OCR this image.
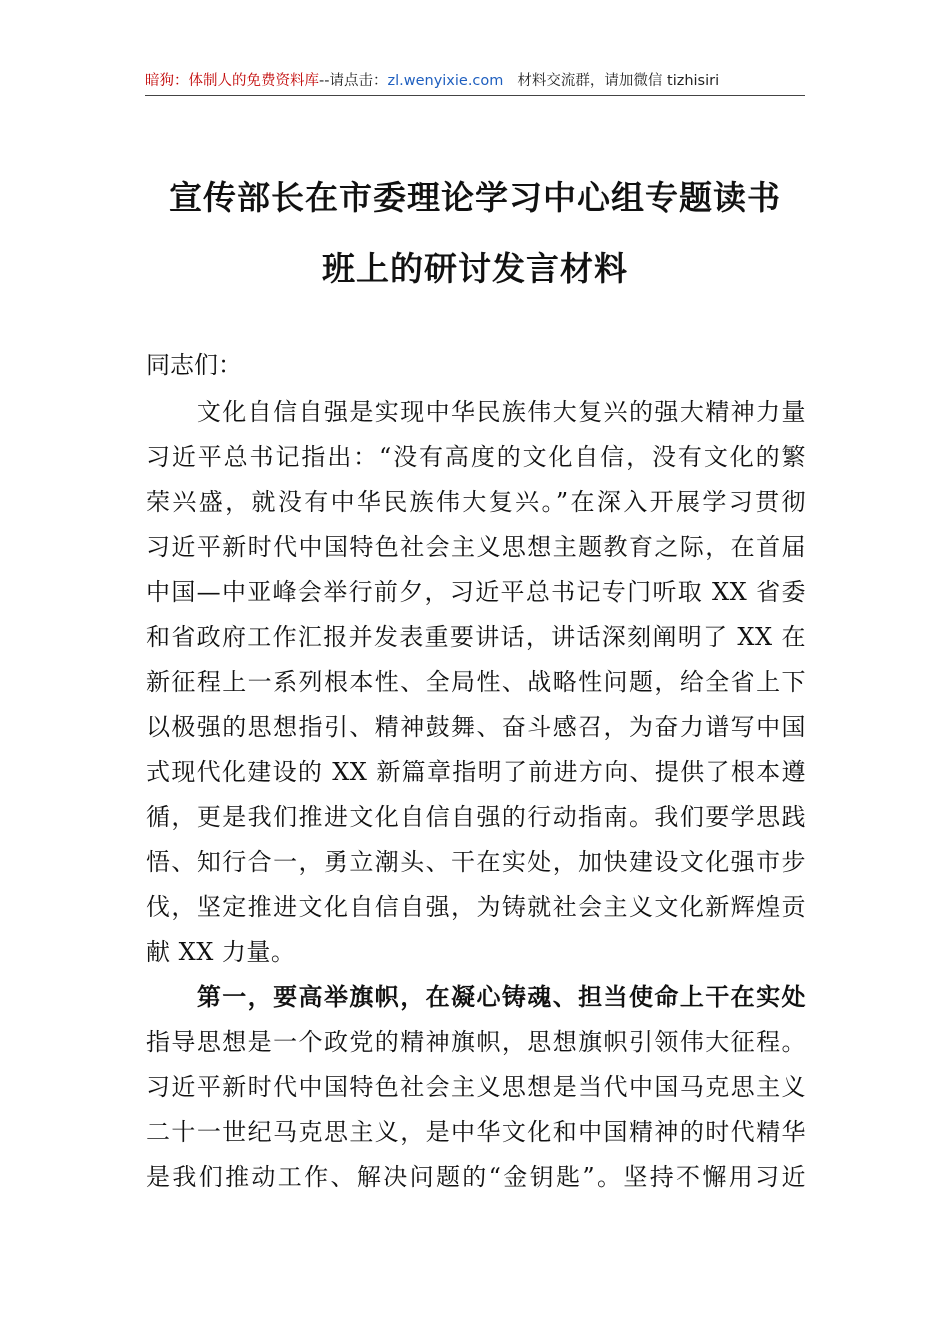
暗狗：体制人的免费资料库--请点击：zl.wenyixie.com 材料交流群，请加微信 tizhisiri
宣传部长在市委理论学习中心组专题读书
班上的研讨发言材料
同志们：
　　文化自信自强是实现中华民族伟大复兴的强大精神力量
习近平总书记指出：“没有高度的文化自信，没有文化的繁
荣兴盛，就没有中华民族伟大复兴。”在深入开展学习贯彻
习近平新时代中国特色社会主义思想主题教育之际，在首届
中国—中亚峰会举行前夕，习近平总书记专门听取 XX 省委
和省政府工作汇报并发表重要讲话，讲话深刻阐明了 XX 在
新征程上一系列根本性、全局性、战略性问题，给全省上下
以极强的思想指引、精神鼓舞、奋斗感召，为奋力谱写中国
式现代化建设的 XX 新篇章指明了前进方向、提供了根本遵
循，更是我们推进文化自信自强的行动指南。我们要学思践
悟、知行合一，勇立潮头、干在实处，加快建设文化强市步
伐，坚定推进文化自信自强，为铸就社会主义文化新辉煌贡
献 XX 力量。
　　第一，要高举旗帜，在凝心铸魂、担当使命上干在实处
指导思想是一个政党的精神旗帜，思想旗帜引领伟大征程。
习近平新时代中国特色社会主义思想是当代中国马克思主义
二十一世纪马克思主义，是中华文化和中国精神的时代精华
是我们推动工作、解决问题的“金钥匙”。坚持不懈用习近
